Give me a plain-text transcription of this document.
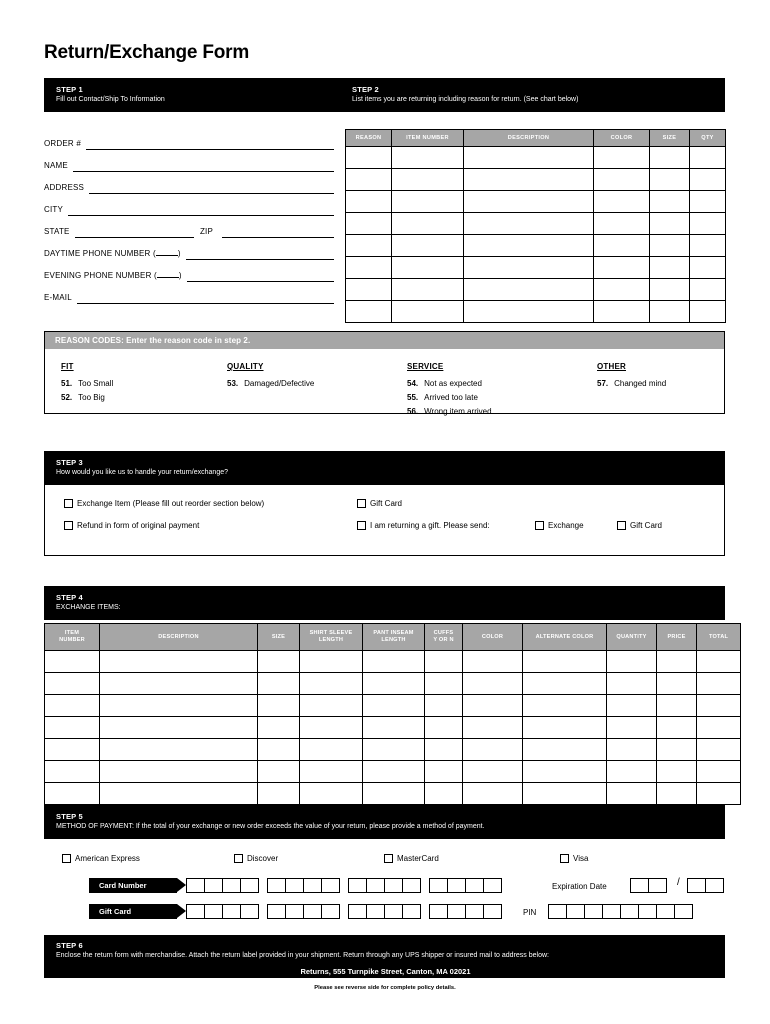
Return/Exchange Form
STEP 1
Fill out Contact/Ship To Information
STEP 2
List items you are returning including reason for return. (See chart below)
ORDER #
NAME
ADDRESS
CITY
STATE	ZIP
DAYTIME PHONE NUMBER (	)
EVENING PHONE NUMBER (	)
E-MAIL
REASON	ITEM NUMBER	DESCRIPTION	COLOR	SIZE	QTY

REASON CODES: Enter the reason code in step 2.
FIT
51. Too Small
52. Too Big
QUALITY
53. Damaged/Defective
SERVICE
54. Not as expected
55. Arrived too late
56. Wrong item arrived
OTHER
57. Changed mind
STEP 3
How would you like us to handle your return/exchange?
Exchange Item (Please fill out reorder section below)
Refund in form of original payment
Gift Card
I am returning a gift. Please send:	Exchange	Gift Card
STEP 4
EXCHANGE ITEMS:
ITEM
NUMBER	DESCRIPTION	SIZE	SHIRT SLEEVE
LENGTH	PANT INSEAM
LENGTH	CUFFS
Y OR N	COLOR	ALTERNATE COLOR	QUANTITY	PRICE	TOTAL

STEP 5
METHOD OF PAYMENT: If the total of your exchange or new order exceeds the value of your return, please provide a method of payment.
American Express	Discover	MasterCard	Visa
Card Number
Gift Card
Expiration Date	/
PIN
STEP 6
Enclose the return form with merchandise. Attach the return label provided in your shipment. Return through any UPS shipper or insured mail to address below:
Returns, 555 Turnpike Street, Canton, MA 02021
Please see reverse side for complete policy details.
